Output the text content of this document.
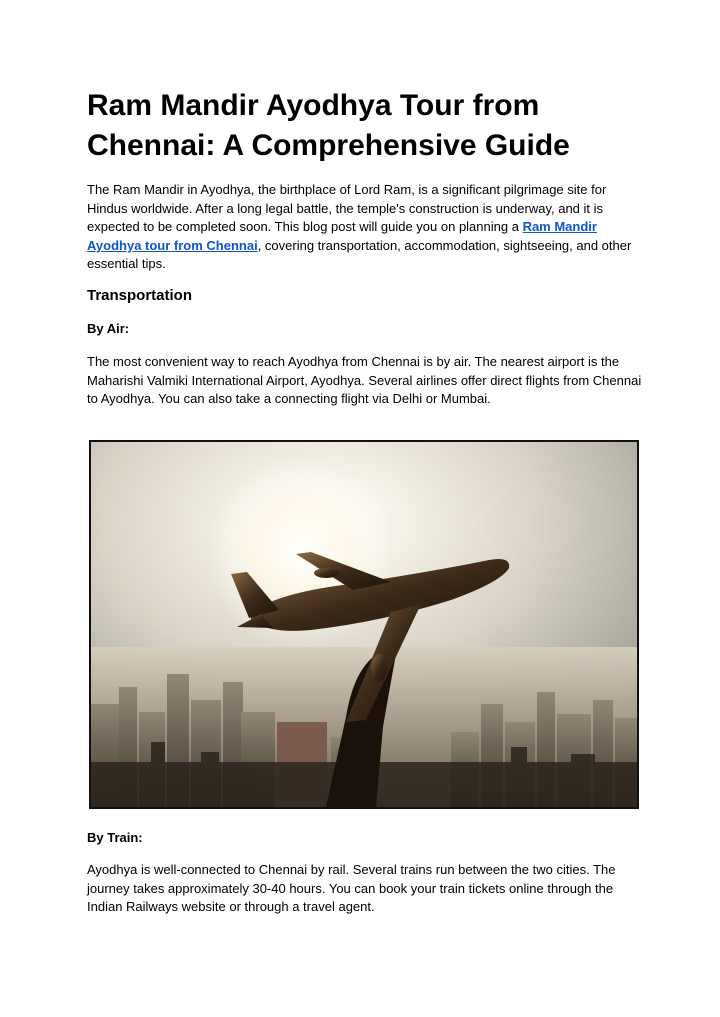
Ram Mandir Ayodhya Tour from Chennai: A Comprehensive Guide

The Ram Mandir in Ayodhya, the birthplace of Lord Ram, is a significant pilgrimage site for Hindus worldwide. After a long legal battle, the temple's construction is underway, and it is expected to be completed soon. This blog post will guide you on planning a Ram Mandir Ayodhya tour from Chennai, covering transportation, accommodation, sightseeing, and other essential tips.

Transportation
By Air:

The most convenient way to reach Ayodhya from Chennai is by air. The nearest airport is the Maharishi Valmiki International Airport, Ayodhya. Several airlines offer direct flights from Chennai to Ayodhya. You can also take a connecting flight via Delhi or Mumbai.

By Train:

Ayodhya is well-connected to Chennai by rail. Several trains run between the two cities. The journey takes approximately 30-40 hours. You can book your train tickets online through the Indian Railways website or through a travel agent.
